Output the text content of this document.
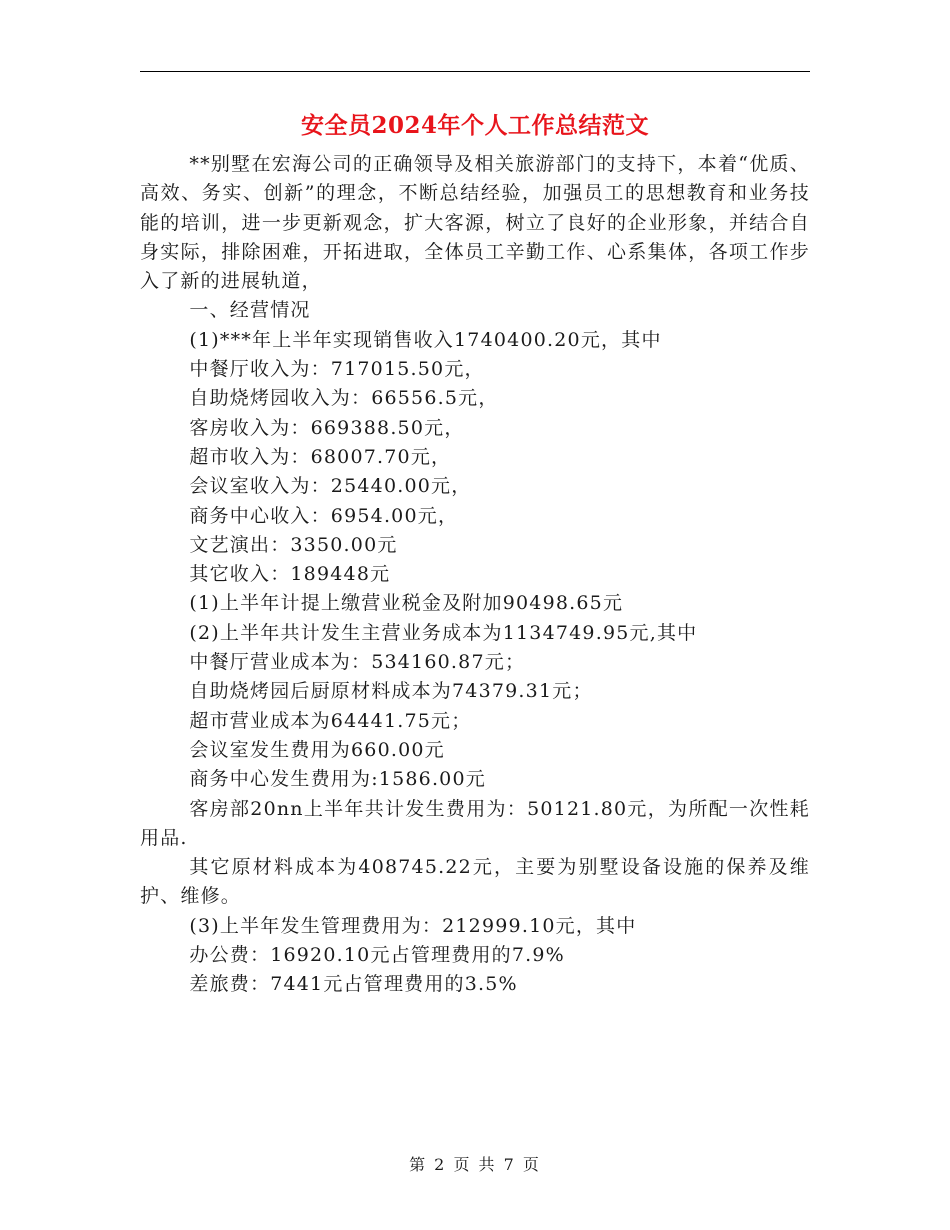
安全员2024年个人工作总结范文

**别墅在宏海公司的正确领导及相关旅游部门的支持下，本着“优质、高效、务实、创新”的理念，不断总结经验，加强员工的思想教育和业务技能的培训，进一步更新观念，扩大客源，树立了良好的企业形象，并结合自身实际，排除困难，开拓进取，全体员工辛勤工作、心系集体，各项工作步入了新的进展轨道，

一、经营情况

(1)***年上半年实现销售收入1740400.20元，其中

中餐厅收入为：717015.50元，

自助烧烤园收入为：66556.5元，

客房收入为：669388.50元，

超市收入为：68007.70元，

会议室收入为：25440.00元，

商务中心收入：6954.00元，

文艺演出：3350.00元

其它收入：189448元

(1)上半年计提上缴营业税金及附加90498.65元

(2)上半年共计发生主营业务成本为1134749.95元,其中

中餐厅营业成本为：534160.87元；

自助烧烤园后厨原材料成本为74379.31元；

超市营业成本为64441.75元；

会议室发生费用为660.00元

商务中心发生费用为:1586.00元

客房部20nn上半年共计发生费用为：50121.80元，为所配一次性耗用品.

其它原材料成本为408745.22元，主要为别墅设备设施的保养及维护、维修。

(3)上半年发生管理费用为：212999.10元，其中

办公费：16920.10元占管理费用的7.9%

差旅费：7441元占管理费用的3.5%

第 2 页 共 7 页
